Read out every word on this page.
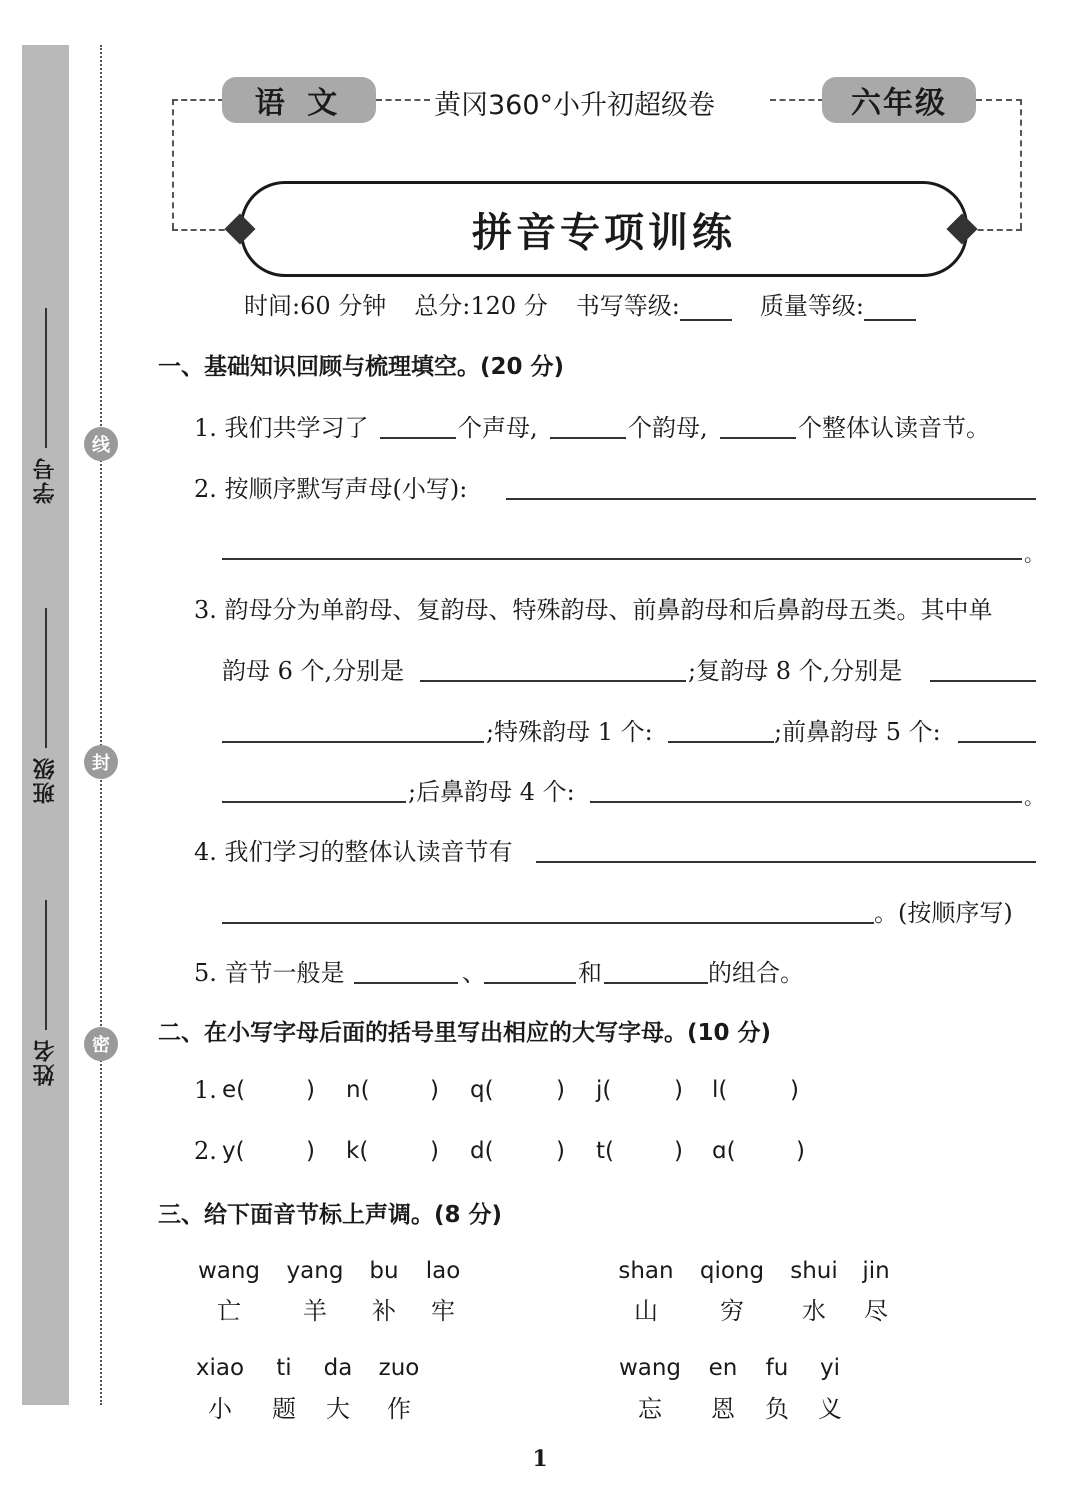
学号
班级
姓名
线
封
密
语 文	黄冈360°小升初超级卷	六年级
拼音专项训练
时间:60 分钟 总分:120 分 书写等级:	质量等级:
一、基础知识回顾与梳理填空。(20 分)
1. 我们共学习了	个声母,	个韵母,	个整体认读音节。
2. 按顺序默写声母(小写):
。
3. 韵母分为单韵母、复韵母、特殊韵母、前鼻韵母和后鼻韵母五类。其中单
韵母 6 个,分别是	;复韵母 8 个,分别是
;特殊韵母 1 个:	;前鼻韵母 5 个:
;后鼻韵母 4 个:	。
4. 我们学习的整体认读音节有
。(按顺序写)
5. 音节一般是	、	和	的组合。
二、在小写字母后面的括号里写出相应的大写字母。(10 分)
1. e(	) n(	) q(	) j(	) l(	)
2. y(	) k(	) d(	) t(	) ɑ(	)
三、给下面音节标上声调。(8 分)
wang	yang	bu	lao
亡	羊	补	牢
shan	qiong	shui	jin
山	穷	水	尽
xiao	ti	da	zuo
小	题	大	作
wang	en	fu	yi
忘	恩	负	义
1
